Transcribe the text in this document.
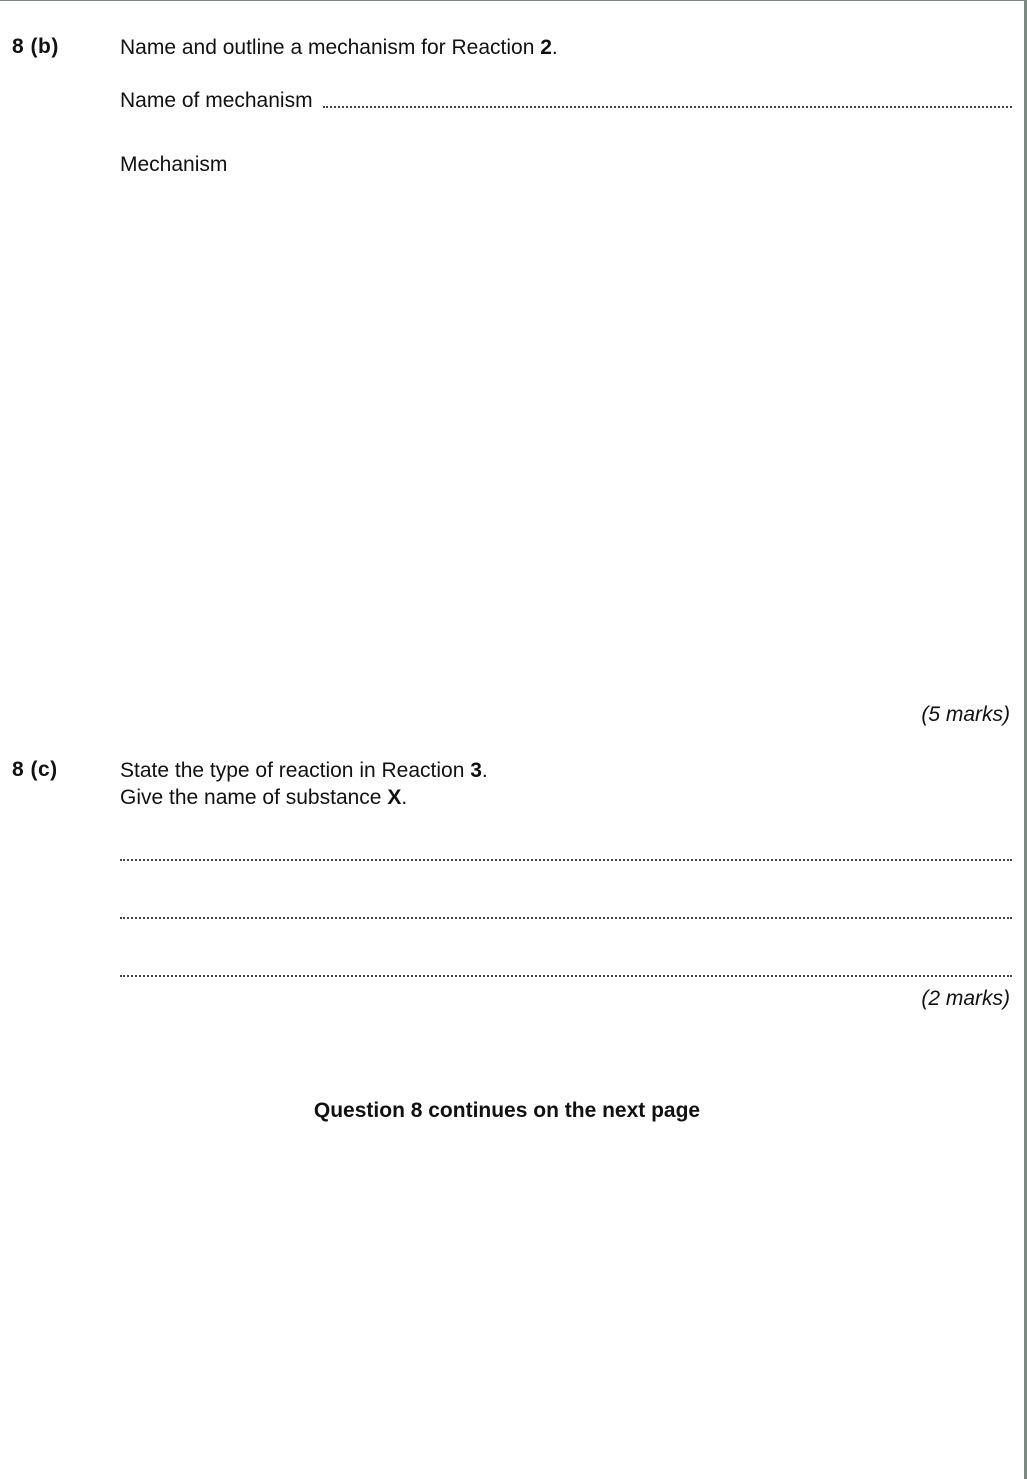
8 (b)	Name and outline a mechanism for Reaction 2.
Name of mechanism
Mechanism
(5 marks)
8 (c)	State the type of reaction in Reaction 3.
Give the name of substance X.
(2 marks)
Question 8 continues on the next page
